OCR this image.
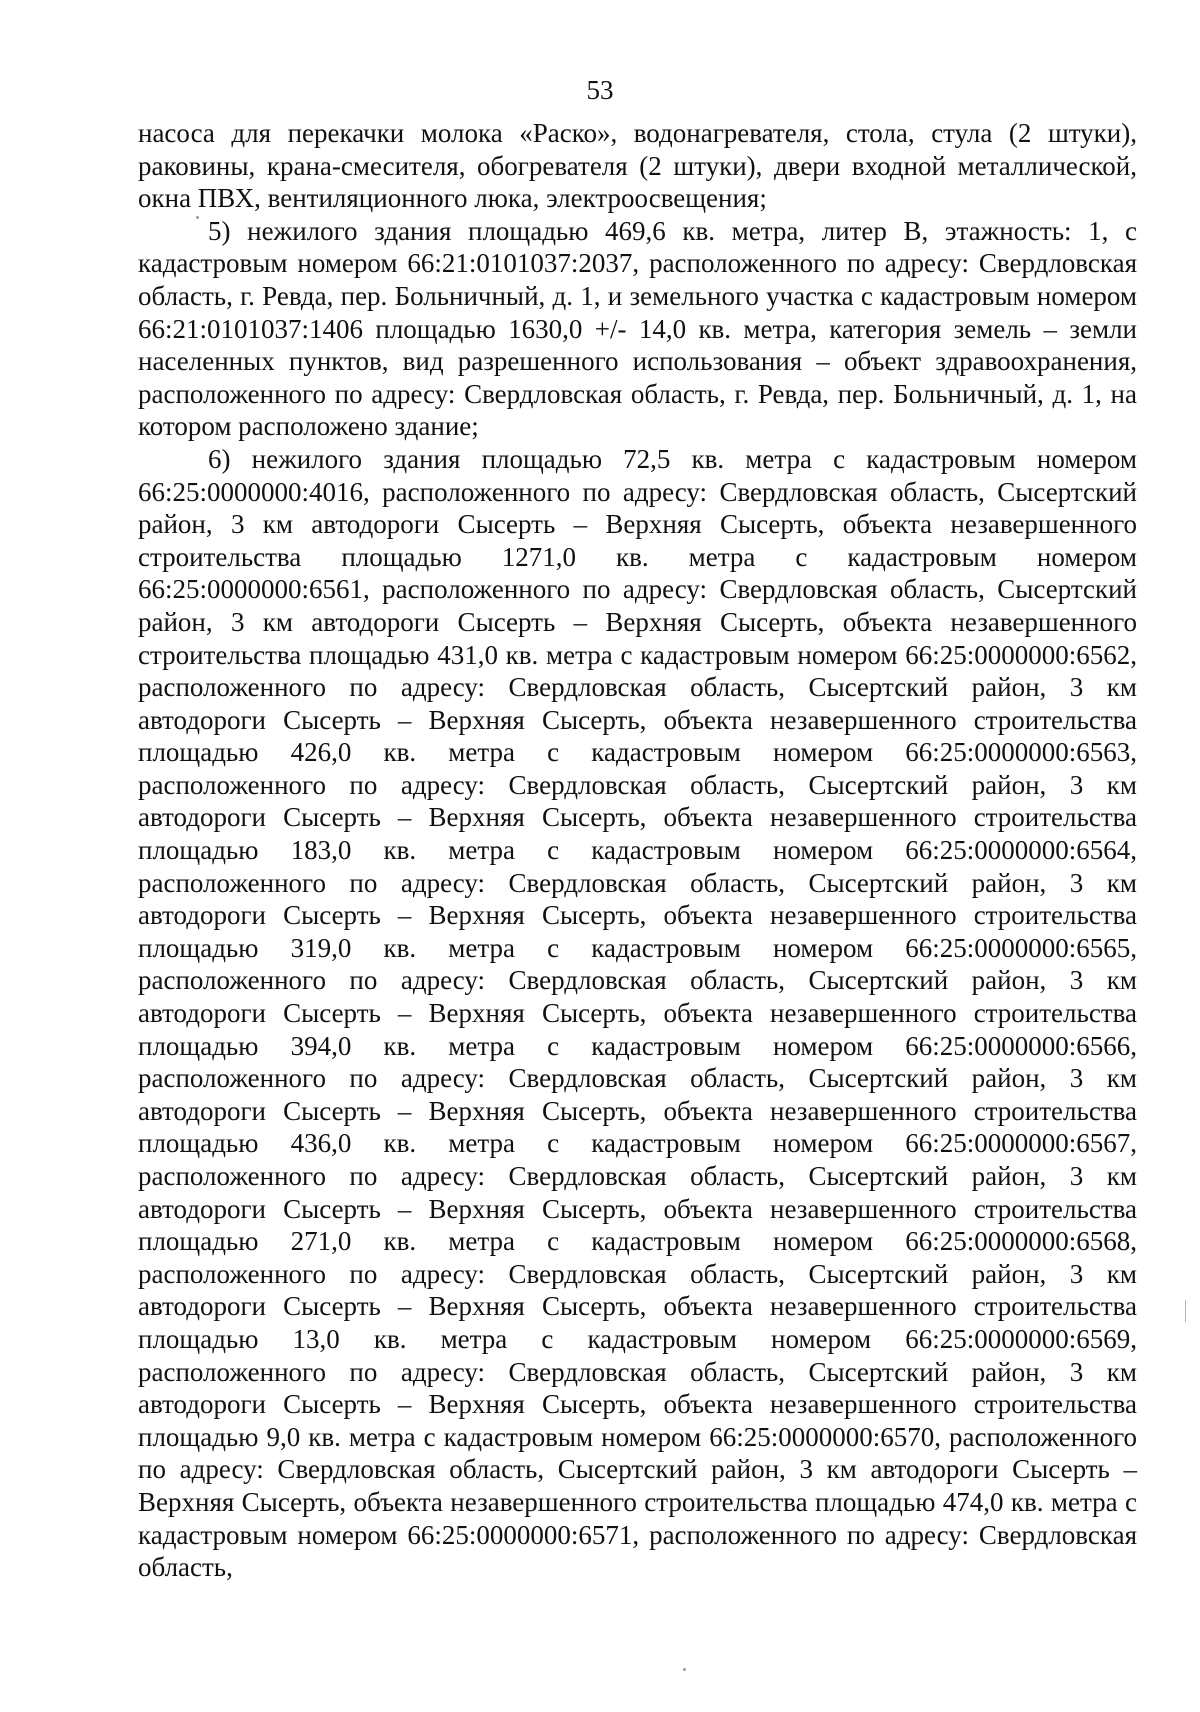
53

насоса для перекачки молока «Раско», водонагревателя, стола, стула (2 штуки), раковины, крана-смесителя, обогревателя (2 штуки), двери входной металлической, окна ПВХ, вентиляционного люка, электроосвещения;

5) нежилого здания площадью 469,6 кв. метра, литер В, этажность: 1, с кадастровым номером 66:21:0101037:2037, расположенного по адресу: Свердловская область, г. Ревда, пер. Больничный, д. 1, и земельного участка с кадастровым номером 66:21:0101037:1406 площадью 1630,0 +/- 14,0 кв. метра, категория земель – земли населенных пунктов, вид разрешенного использования – объект здравоохранения, расположенного по адресу: Свердловская область, г. Ревда, пер. Больничный, д. 1, на котором расположено здание;

6) нежилого здания площадью 72,5 кв. метра с кадастровым номером 66:25:0000000:4016, расположенного по адресу: Свердловская область, Сысертский район, 3 км автодороги Сысерть – Верхняя Сысерть, объекта незавершенного строительства площадью 1271,0 кв. метра с кадастровым номером 66:25:0000000:6561, расположенного по адресу: Свердловская область, Сысертский район, 3 км автодороги Сысерть – Верхняя Сысерть, объекта незавершенного строительства площадью 431,0 кв. метра с кадастровым номером 66:25:0000000:6562, расположенного по адресу: Свердловская область, Сысертский район, 3 км автодороги Сысерть – Верхняя Сысерть, объекта незавершенного строительства площадью 426,0 кв. метра с кадастровым номером 66:25:0000000:6563, расположенного по адресу: Свердловская область, Сысертский район, 3 км автодороги Сысерть – Верхняя Сысерть, объекта незавершенного строительства площадью 183,0 кв. метра с кадастровым номером 66:25:0000000:6564, расположенного по адресу: Свердловская область, Сысертский район, 3 км автодороги Сысерть – Верхняя Сысерть, объекта незавершенного строительства площадью 319,0 кв. метра с кадастровым номером 66:25:0000000:6565, расположенного по адресу: Свердловская область, Сысертский район, 3 км автодороги Сысерть – Верхняя Сысерть, объекта незавершенного строительства площадью 394,0 кв. метра с кадастровым номером 66:25:0000000:6566, расположенного по адресу: Свердловская область, Сысертский район, 3 км автодороги Сысерть – Верхняя Сысерть, объекта незавершенного строительства площадью 436,0 кв. метра с кадастровым номером 66:25:0000000:6567, расположенного по адресу: Свердловская область, Сысертский район, 3 км автодороги Сысерть – Верхняя Сысерть, объекта незавершенного строительства площадью 271,0 кв. метра с кадастровым номером 66:25:0000000:6568, расположенного по адресу: Свердловская область, Сысертский район, 3 км автодороги Сысерть – Верхняя Сысерть, объекта незавершенного строительства площадью 13,0 кв. метра с кадастровым номером 66:25:0000000:6569, расположенного по адресу: Свердловская область, Сысертский район, 3 км автодороги Сысерть – Верхняя Сысерть, объекта незавершенного строительства площадью 9,0 кв. метра с кадастровым номером 66:25:0000000:6570, расположенного по адресу: Свердловская область, Сысертский район, 3 км автодороги Сысерть – Верхняя Сысерть, объекта незавершенного строительства площадью 474,0 кв. метра с кадастровым номером 66:25:0000000:6571, расположенного по адресу: Свердловская область,
